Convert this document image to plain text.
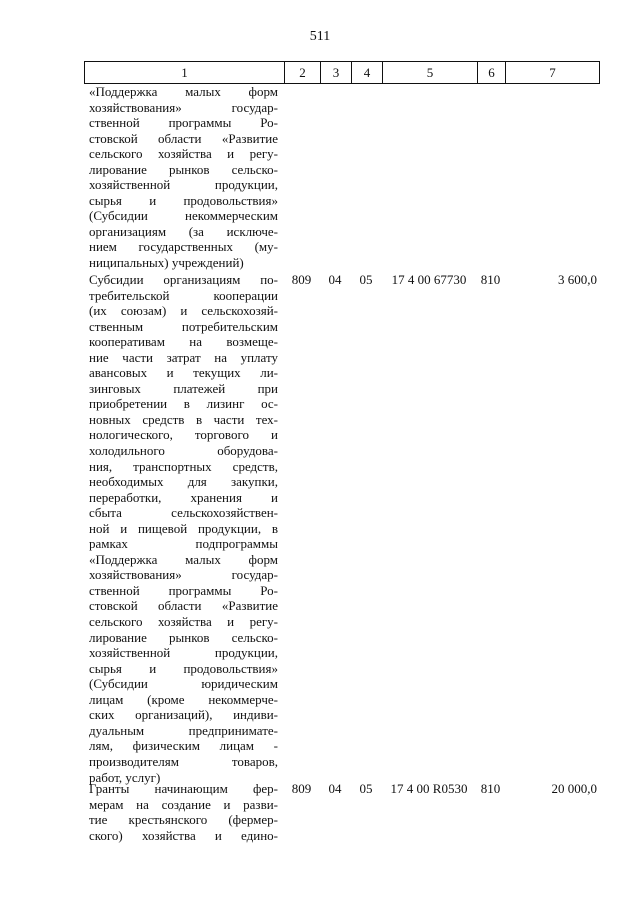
511
1	2	3	4	5	6	7
«Поддержка малых форм
хозяйствования» государ-
ственной программы Ро-
стовской области «Развитие
сельского хозяйства и регу-
лирование рынков сельско-
хозяйственной продукции,
сырья и продовольствия»
(Субсидии некоммерческим
организациям (за исключе-
нием государственных (му-
ниципальных) учреждений)
Субсидии организациям по-
требительской кооперации
(их союзам) и сельскохозяй-
ственным потребительским
кооперативам на возмеще-
ние части затрат на уплату
авансовых и текущих ли-
зинговых платежей при
приобретении в лизинг ос-
новных средств в части тех-
нологического, торгового и
холодильного оборудова-
ния, транспортных средств,
необходимых для закупки,
переработки, хранения и
сбыта сельскохозяйствен-
ной и пищевой продукции, в
рамках подпрограммы
«Поддержка малых форм
хозяйствования» государ-
ственной программы Ро-
стовской области «Развитие
сельского хозяйства и регу-
лирование рынков сельско-
хозяйственной продукции,
сырья и продовольствия»
(Субсидии юридическим
лицам (кроме некоммерче-
ских организаций), индиви-
дуальным предпринимате-
лям, физическим лицам -
производителям товаров,
работ, услуг)
809	04	05	17 4 00 67730	810	3 600,0
Гранты начинающим фер-
мерам на создание и разви-
тие крестьянского (фермер-
ского) хозяйства и едино-
809	04	05	17 4 00 R0530	810	20 000,0
